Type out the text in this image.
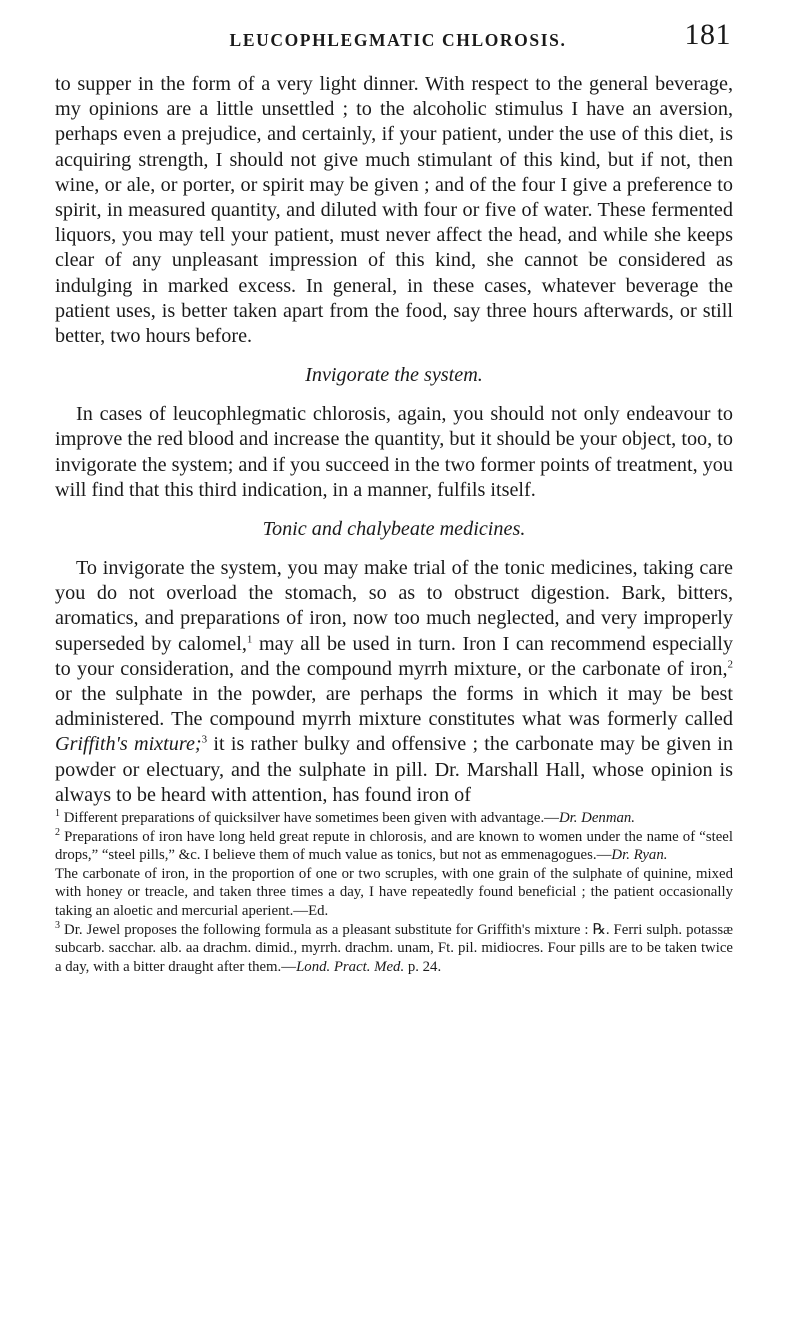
LEUCOPHLEGMATIC CHLOROSIS.	181

to supper in the form of a very light dinner. With respect to the general beverage, my opinions are a little unsettled ; to the alcoholic stimulus I have an aversion, perhaps even a prejudice, and certainly, if your patient, under the use of this diet, is acquiring strength, I should not give much stimulant of this kind, but if not, then wine, or ale, or porter, or spirit may be given ; and of the four I give a preference to spirit, in measured quantity, and diluted with four or five of water. These fermented liquors, you may tell your patient, must never affect the head, and while she keeps clear of any unpleasant impression of this kind, she cannot be considered as indulging in marked excess. In general, in these cases, whatever beverage the patient uses, is better taken apart from the food, say three hours afterwards, or still better, two hours before.

Invigorate the system.

In cases of leucophlegmatic chlorosis, again, you should not only endeavour to improve the red blood and increase the quantity, but it should be your object, too, to invigorate the system; and if you succeed in the two former points of treatment, you will find that this third indication, in a manner, fulfils itself.

Tonic and chalybeate medicines.

To invigorate the system, you may make trial of the tonic medicines, taking care you do not overload the stomach, so as to obstruct digestion. Bark, bitters, aromatics, and preparations of iron, now too much neglected, and very improperly superseded by calomel,$^1$ may all be used in turn. Iron I can recommend especially to your consideration, and the compound myrrh mixture, or the carbonate of iron,$^2$ or the sulphate in the powder, are perhaps the forms in which it may be best administered. The compound myrrh mixture constitutes what was formerly called Griffith's mixture;$^3$ it is rather bulky and offensive ; the carbonate may be given in powder or electuary, and the sulphate in pill. Dr. Marshall Hall, whose opinion is always to be heard with attention, has found iron of

$^1$ Different preparations of quicksilver have sometimes been given with advantage.—Dr. Denman.

$^2$ Preparations of iron have long held great repute in chlorosis, and are known to women under the name of “steel drops,” “steel pills,” &c. I believe them of much value as tonics, but not as emmenagogues.—Dr. Ryan.

The carbonate of iron, in the proportion of one or two scruples, with one grain of the sulphate of quinine, mixed with honey or treacle, and taken three times a day, I have repeatedly found beneficial ; the patient occasionally taking an aloetic and mercurial aperient.—Ed.

$^3$ Dr. Jewel proposes the following formula as a pleasant substitute for Griffith's mixture : ℞. Ferri sulph. potassæ subcarb. sacchar. alb. aa drachm. dimid., myrrh. drachm. unam, Ft. pil. midiocres. Four pills are to be taken twice a day, with a bitter draught after them.—Lond. Pract. Med. p. 24.
